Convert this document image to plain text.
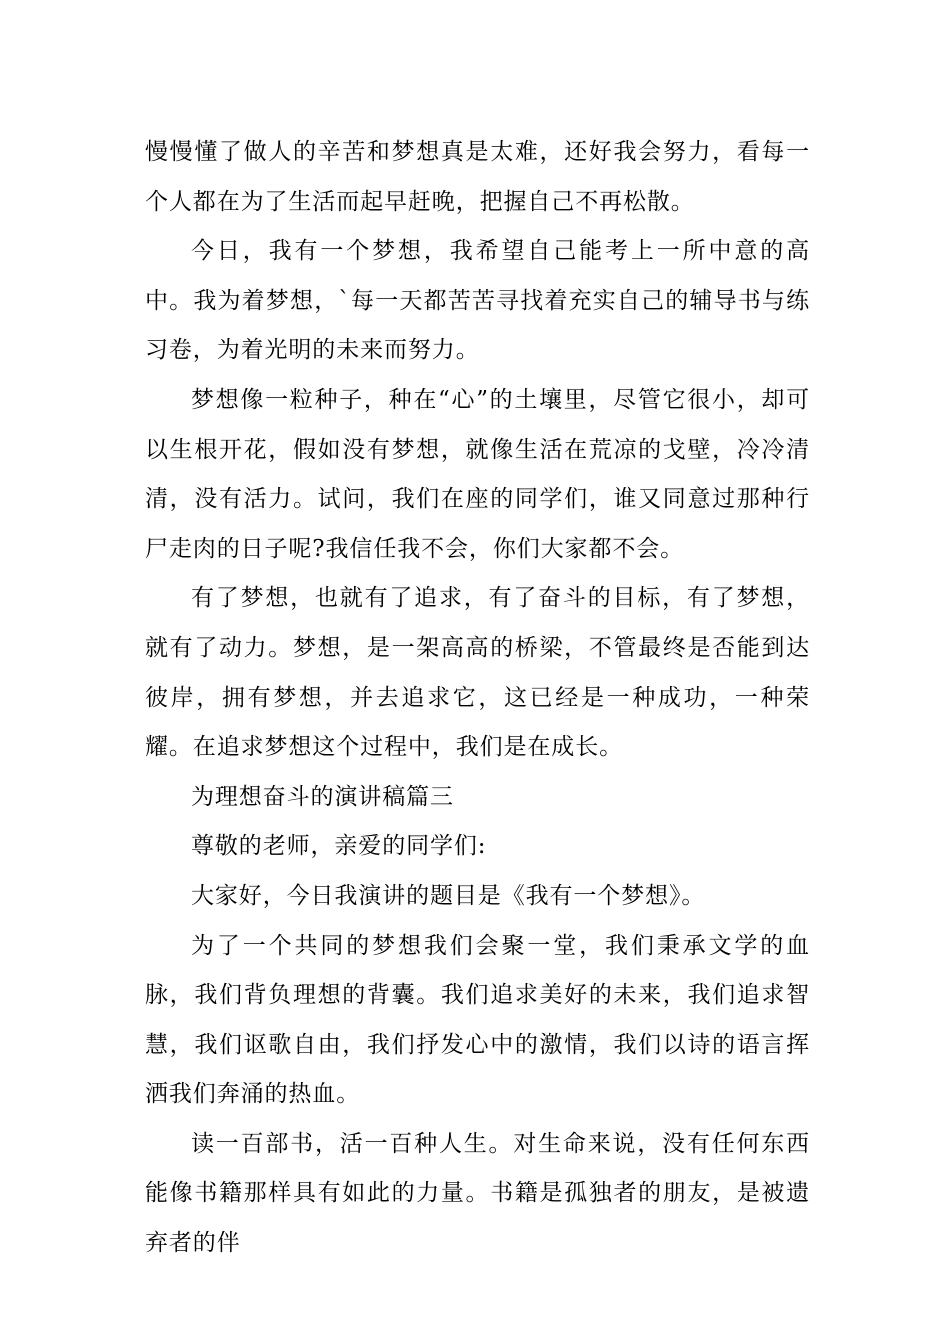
慢慢懂了做人的辛苦和梦想真是太难，还好我会努力，看每一个人都在为了生活而起早赶晚，把握自己不再松散。

今日，我有一个梦想，我希望自己能考上一所中意的高中。我为着梦想，`每一天都苦苦寻找着充实自己的辅导书与练习卷，为着光明的未来而努力。

梦想像一粒种子，种在“心”的土壤里，尽管它很小，却可以生根开花，假如没有梦想，就像生活在荒凉的戈壁，冷冷清清，没有活力。试问，我们在座的同学们，谁又同意过那种行尸走肉的日子呢?我信任我不会，你们大家都不会。

有了梦想，也就有了追求，有了奋斗的目标，有了梦想，就有了动力。梦想，是一架高高的桥梁，不管最终是否能到达彼岸，拥有梦想，并去追求它，这已经是一种成功，一种荣耀。在追求梦想这个过程中，我们是在成长。

为理想奋斗的演讲稿篇三

尊敬的老师，亲爱的同学们:

大家好，今日我演讲的题目是《我有一个梦想》。

为了一个共同的梦想我们会聚一堂，我们秉承文学的血脉，我们背负理想的背囊。我们追求美好的未来，我们追求智慧，我们讴歌自由，我们抒发心中的激情，我们以诗的语言挥洒我们奔涌的热血。

读一百部书，活一百种人生。对生命来说，没有任何东西能像书籍那样具有如此的力量。书籍是孤独者的朋友，是被遗弃者的伴
